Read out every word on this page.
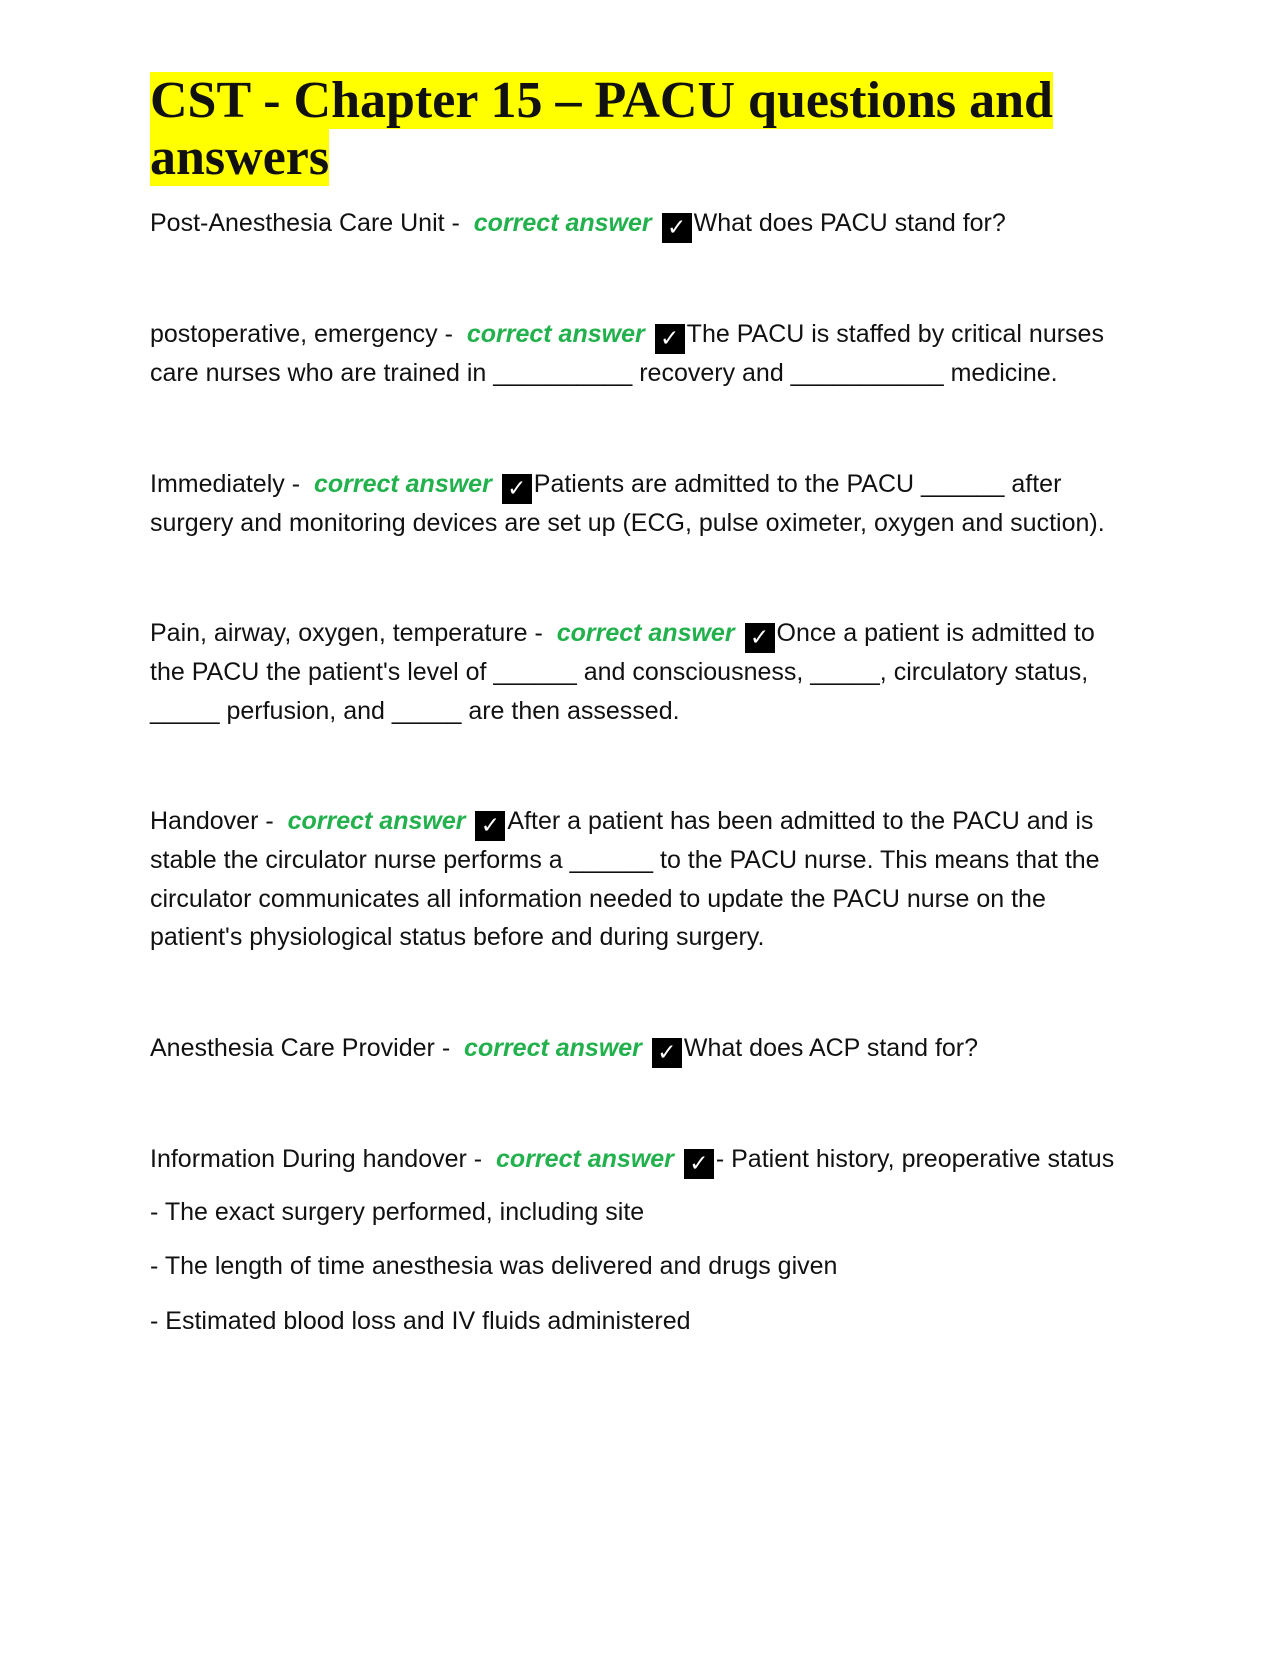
CST - Chapter 15 – PACU questions and answers

Post-Anesthesia Care Unit -  correct answer ✓ What does PACU stand for?

postoperative, emergency -  correct answer ✓ The PACU is staffed by critical nurses care nurses who are trained in __________ recovery and ___________ medicine.

Immediately -  correct answer ✓ Patients are admitted to the PACU ______ after surgery and monitoring devices are set up (ECG, pulse oximeter, oxygen and suction).

Pain, airway, oxygen, temperature -  correct answer ✓ Once a patient is admitted to the PACU the patient's level of ______ and consciousness, _____, circulatory status, _____ perfusion, and _____ are then assessed.

Handover -  correct answer ✓ After a patient has been admitted to the PACU and is stable the circulator nurse performs a ______ to the PACU nurse. This means that the circulator communicates all information needed to update the PACU nurse on the patient's physiological status before and during surgery.

Anesthesia Care Provider -  correct answer ✓ What does ACP stand for?

Information During handover -  correct answer ✓ - Patient history, preoperative status

- The exact surgery performed, including site

- The length of time anesthesia was delivered and drugs given

- Estimated blood loss and IV fluids administered
